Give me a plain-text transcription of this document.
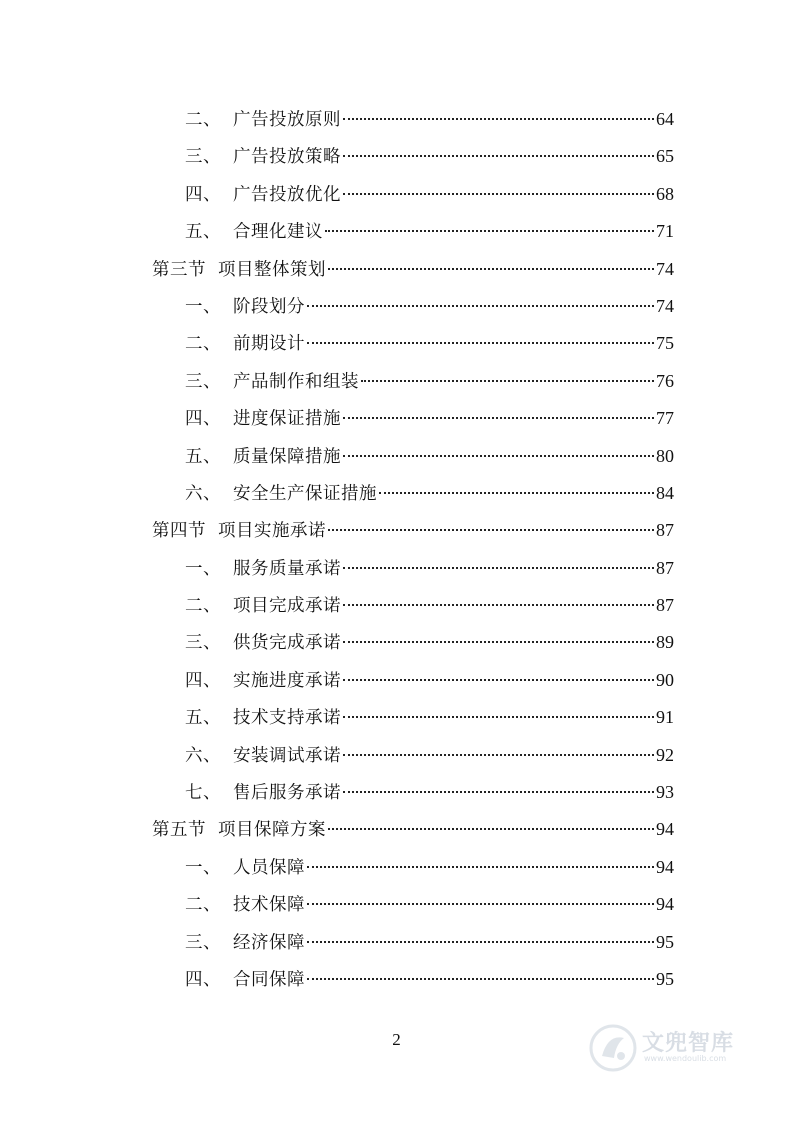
二、 广告投放原则	64
三、 广告投放策略	65
四、 广告投放优化	68
五、 合理化建议	71
第三节 项目整体策划	74
一、 阶段划分	74
二、 前期设计	75
三、 产品制作和组装	76
四、 进度保证措施	77
五、 质量保障措施	80
六、 安全生产保证措施	84
第四节 项目实施承诺	87
一、 服务质量承诺	87
二、 项目完成承诺	87
三、 供货完成承诺	89
四、 实施进度承诺	90
五、 技术支持承诺	91
六、 安装调试承诺	92
七、 售后服务承诺	93
第五节 项目保障方案	94
一、 人员保障	94
二、 技术保障	94
三、 经济保障	95
四、 合同保障	95
2	文兜智库
www.wendoulib.com
